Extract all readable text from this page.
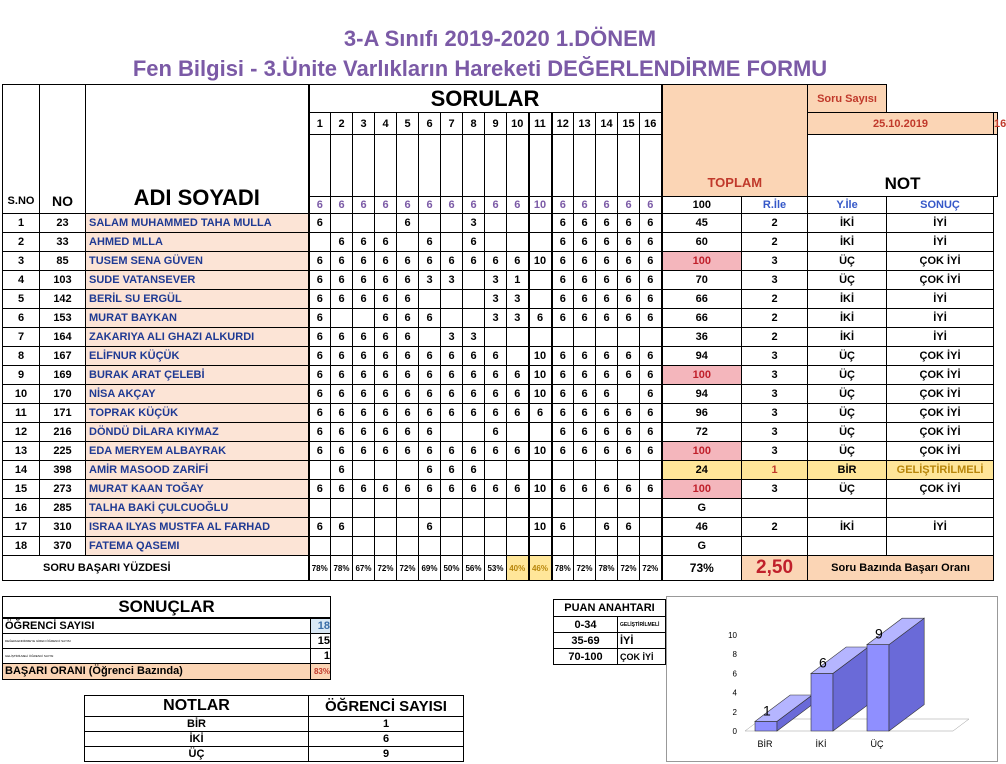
3-A Sınıfı 2019-2020 1.DÖNEM
Fen Bilgisi - 3.Ünite Varlıkların Hareketi DEĞERLENDİRME FORMU
S.NO	NO	ADI SOYADI	SORULAR																TOPLAM		Soru Sayısı		
			1	2	3	4	5	6	7	8	9	10	11	12	13	14	15	16			25.10.2019		16
																					NOT		
			6	6	6	6	6	6	6	6	6	6	10	6	6	6	6	6	100	R.İle	Y.İle	SONUÇ	
1	23	SALAM MUHAMMED TAHA MULLA	6				6			3				6	6	6	6	6	45	2	İKİ	İYİ	
2	33	AHMED MLLA		6	6	6		6		6				6	6	6	6	6	60	2	İKİ	İYİ	
3	85	TUSEM SENA GÜVEN	6	6	6	6	6	6	6	6	6	6	10	6	6	6	6	6	100	3	ÜÇ	ÇOK İYİ	
4	103	SUDE VATANSEVER	6	6	6	6	6	3	3		3	1		6	6	6	6	6	70	3	ÜÇ	ÇOK İYİ	
5	142	BERİL SU ERGÜL	6	6	6	6	6				3	3		6	6	6	6	6	66	2	İKİ	İYİ	
6	153	MURAT BAYKAN	6			6	6	6			3	3	6	6	6	6	6	6	66	2	İKİ	İYİ	
7	164	ZAKARIYA ALI GHAZI ALKURDI	6	6	6	6	6		3	3									36	2	İKİ	İYİ	
8	167	ELİFNUR KÜÇÜK	6	6	6	6	6	6	6	6	6		10	6	6	6	6	6	94	3	ÜÇ	ÇOK İYİ	
9	169	BURAK ARAT ÇELEBİ	6	6	6	6	6	6	6	6	6	6	10	6	6	6	6	6	100	3	ÜÇ	ÇOK İYİ	
10	170	NİSA AKÇAY	6	6	6	6	6	6	6	6	6	6	10	6	6	6		6	94	3	ÜÇ	ÇOK İYİ	
11	171	TOPRAK KÜÇÜK	6	6	6	6	6	6	6	6	6	6	6	6	6	6	6	6	96	3	ÜÇ	ÇOK İYİ	
12	216	DÖNDÜ DİLARA KIYMAZ	6	6	6	6	6	6			6			6	6	6	6	6	72	3	ÜÇ	ÇOK İYİ	
13	225	EDA MERYEM ALBAYRAK	6	6	6	6	6	6	6	6	6	6	10	6	6	6	6	6	100	3	ÜÇ	ÇOK İYİ	
14	398	AMİR MASOOD ZARİFİ		6				6	6	6									24	1	BİR	GELİŞTİRİLMELİ	
15	273	MURAT KAAN TOĞAY	6	6	6	6	6	6	6	6	6	6	10	6	6	6	6	6	100	3	ÜÇ	ÇOK İYİ	
16	285	TALHA BAKİ ÇULCUOĞLU																	G				
17	310	ISRAA ILYAS MUSTFA AL FARHAD	6	6				6					10	6		6	6		46	2	İKİ	İYİ	
18	370	FATEMA QASEMI																	G				
SORU BAŞARI YÜZDESİ			78%	78%	67%	72%	72%	69%	50%	56%	53%	40%	46%	78%	72%	78%	72%	72%	73%	2,50	Soru Bazında Başarı Oranı		
SONUÇLAR	
ÖĞRENCİ SAYISI	18
DEĞERLENDİRMEYE GİREN ÖĞRENCİ SAYISI	15
GELİŞTİRİLMELİ ÖĞRENCİ SAYISI	1
BAŞARI ORANI (Öğrenci Bazında)	83%
PUAN ANAHTARI	
0-34	GELİŞTİRİLMELİ
35-69	İYİ
70-100	ÇOK İYİ
NOTLAR	ÖĞRENCİ SAYISI
BİR	1
İKİ	6
ÜÇ	9
0
2
4
6
8
10
1
BİR
6
İKİ
9
ÜÇ
